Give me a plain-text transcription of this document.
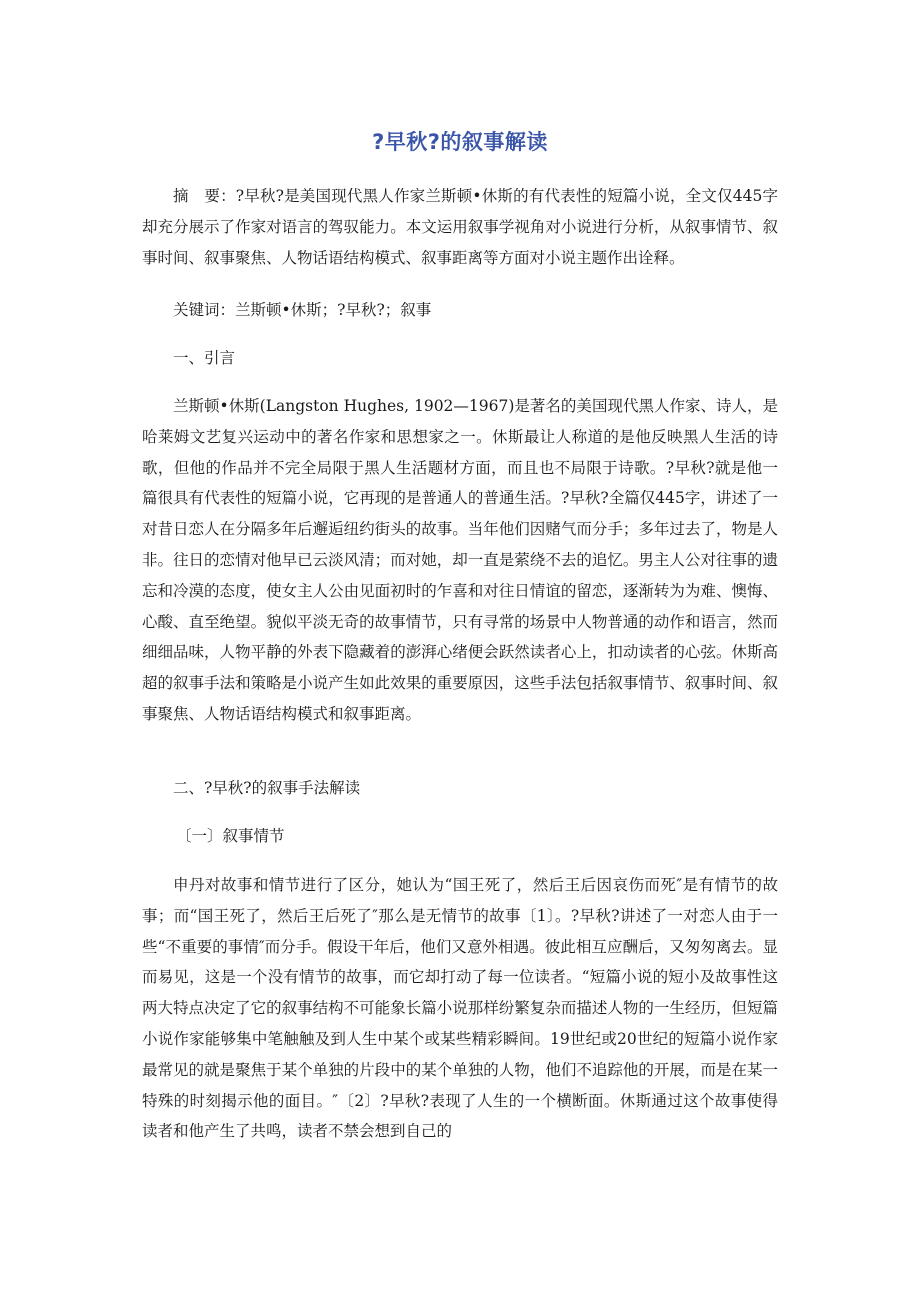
?早秋?的叙事解读

摘　要：?早秋?是美国现代黑人作家兰斯顿•休斯的有代表性的短篇小说，全文仅445字却充分展示了作家对语言的驾驭能力。本文运用叙事学视角对小说进行分析，从叙事情节、叙事时间、叙事聚焦、人物话语结构模式、叙事距离等方面对小说主题作出诠释。

关键词：兰斯顿•休斯；?早秋?；叙事

一、引言

兰斯顿•休斯(Langston Hughes, 1902—1967)是著名的美国现代黑人作家、诗人，是哈莱姆文艺复兴运动中的著名作家和思想家之一。休斯最让人称道的是他反映黑人生活的诗歌，但他的作品并不完全局限于黑人生活题材方面，而且也不局限于诗歌。?早秋?就是他一篇很具有代表性的短篇小说，它再现的是普通人的普通生活。?早秋?全篇仅445字，讲述了一对昔日恋人在分隔多年后邂逅纽约街头的故事。当年他们因赌气而分手；多年过去了，物是人非。往日的恋情对他早已云淡风清；而对她，却一直是萦绕不去的追忆。男主人公对往事的遗忘和冷漠的态度，使女主人公由见面初时的乍喜和对往日情谊的留恋，逐渐转为为难、懊悔、心酸、直至绝望。貌似平淡无奇的故事情节，只有寻常的场景中人物普通的动作和语言，然而细细品味，人物平静的外表下隐藏着的澎湃心绪便会跃然读者心上，扣动读者的心弦。休斯高超的叙事手法和策略是小说产生如此效果的重要原因，这些手法包括叙事情节、叙事时间、叙事聚焦、人物话语结构模式和叙事距离。

二、?早秋?的叙事手法解读

〔一〕叙事情节

申丹对故事和情节进行了区分，她认为“国王死了，然后王后因哀伤而死″是有情节的故事；而“国王死了，然后王后死了″那么是无情节的故事〔1〕。?早秋?讲述了一对恋人由于一些“不重要的事情″而分手。假设干年后，他们又意外相遇。彼此相互应酬后，又匆匆离去。显而易见，这是一个没有情节的故事，而它却打动了每一位读者。“短篇小说的短小及故事性这两大特点决定了它的叙事结构不可能象长篇小说那样纷繁复杂而描述人物的一生经历，但短篇小说作家能够集中笔触触及到人生中某个或某些精彩瞬间。19世纪或20世纪的短篇小说作家最常见的就是聚焦于某个单独的片段中的某个单独的人物，他们不追踪他的开展，而是在某一特殊的时刻揭示他的面目。″〔2〕?早秋?表现了人生的一个横断面。休斯通过这个故事使得读者和他产生了共鸣，读者不禁会想到自己的
